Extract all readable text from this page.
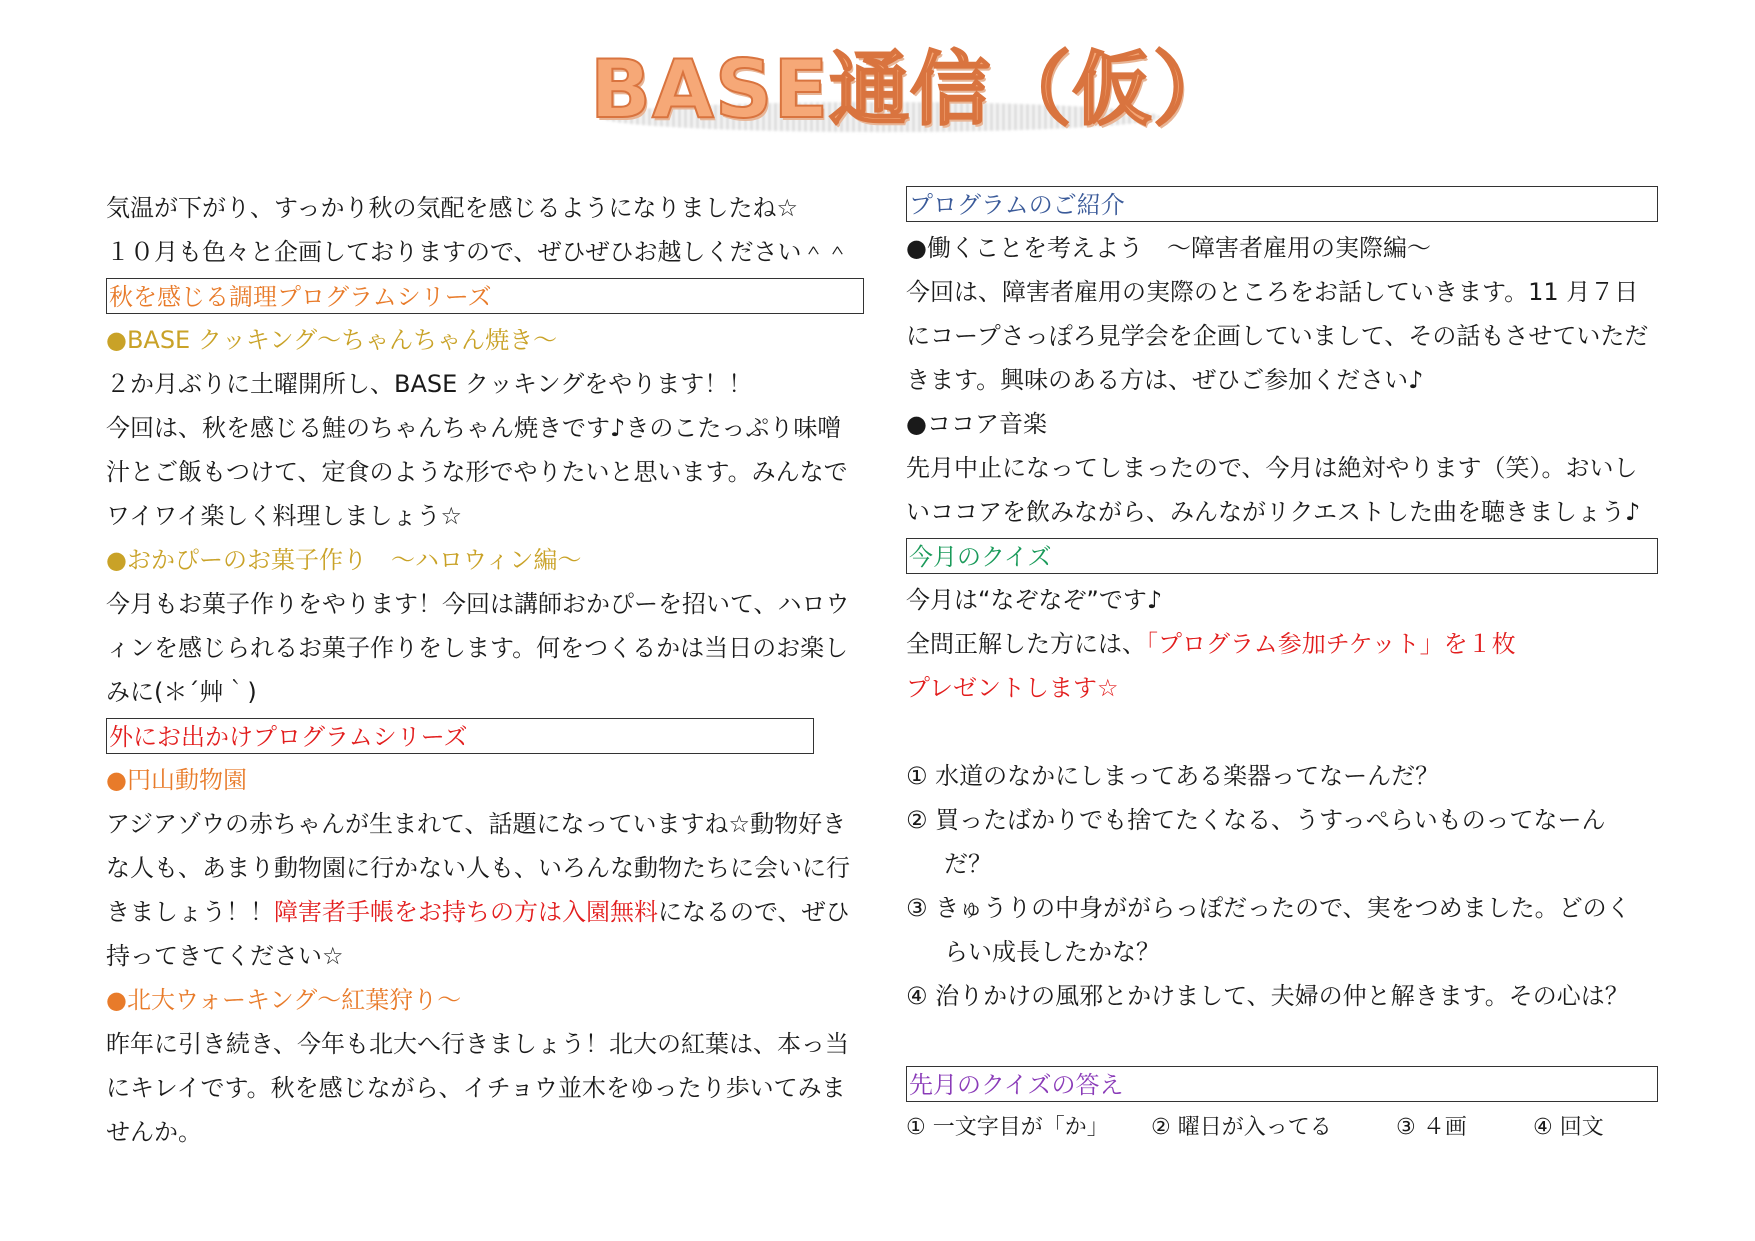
BASE通信（仮）
気温が下がり、すっかり秋の気配を感じるようになりましたね☆
１０月も色々と企画しておりますので、ぜひぜひお越しください＾＾
秋を感じる調理プログラムシリーズ
●BASE クッキング～ちゃんちゃん焼き～
２か月ぶりに土曜開所し、BASE クッキングをやります！！
今回は、秋を感じる鮭のちゃんちゃん焼きです♪きのこたっぷり味噌
汁とご飯もつけて、定食のような形でやりたいと思います。みんなで
ワイワイ楽しく料理しましょう☆
●おかぴーのお菓子作り　～ハロウィン編～
今月もお菓子作りをやります！今回は講師おかぴーを招いて、ハロウ
ィンを感じられるお菓子作りをします。何をつくるかは当日のお楽し
みに(＊´艸｀)
外にお出かけプログラムシリーズ
●円山動物園
アジアゾウの赤ちゃんが生まれて、話題になっていますね☆動物好き
な人も、あまり動物園に行かない人も、いろんな動物たちに会いに行
きましょう！！障害者手帳をお持ちの方は入園無料になるので、ぜひ
持ってきてください☆
●北大ウォーキング～紅葉狩り～
昨年に引き続き、今年も北大へ行きましょう！北大の紅葉は、本っ当
にキレイです。秋を感じながら、イチョウ並木をゆったり歩いてみま
せんか。
プログラムのご紹介
●働くことを考えよう　～障害者雇用の実際編～
今回は、障害者雇用の実際のところをお話していきます。11 月７日
にコープさっぽろ見学会を企画していまして、その話もさせていただ
きます。興味のある方は、ぜひご参加ください♪
●ココア音楽
先月中止になってしまったので、今月は絶対やります（笑）。おいし
いココアを飲みながら、みんながリクエストした曲を聴きましょう♪
今月のクイズ
今月は“なぞなぞ”です♪
全問正解した方には、「プログラム参加チケット」を１枚
プレゼントします☆
① 水道のなかにしまってある楽器ってなーんだ？
② 買ったばかりでも捨てたくなる、うすっぺらいものってなーん
だ？
③ きゅうりの中身ががらっぽだったので、実をつめました。どのく
らい成長したかな？
④ 治りかけの風邪とかけまして、夫婦の仲と解きます。その心は？
先月のクイズの答え
① 一文字目が「か」 ② 曜日が入ってる	③ ４画	④ 回文
